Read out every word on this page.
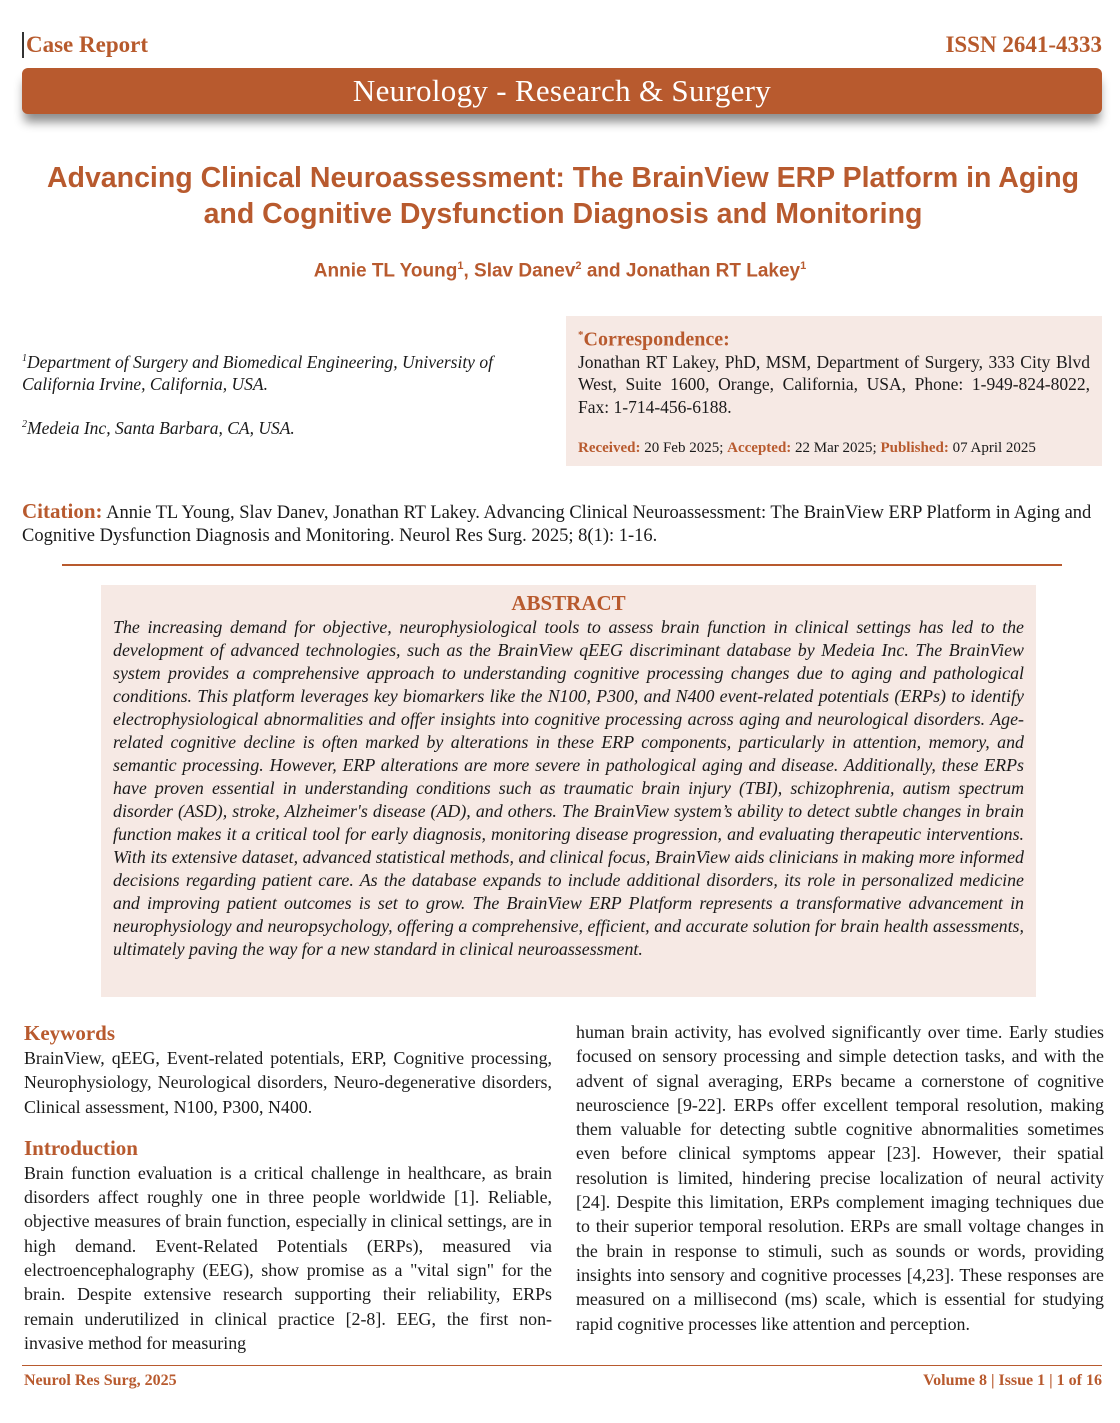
Case Report	ISSN 2641-4333
Neurology - Research & Surgery
Advancing Clinical Neuroassessment: The BrainView ERP Platform in Aging and Cognitive Dysfunction Diagnosis and Monitoring
Annie TL Young$^1$, Slav Danev$^2$ and Jonathan RT Lakey$^1$
$^1$Department of Surgery and Biomedical Engineering, University of California Irvine, California, USA.
$^2$Medeia Inc, Santa Barbara, CA, USA.
*Correspondence:
Jonathan RT Lakey, PhD, MSM, Department of Surgery, 333 City Blvd West, Suite 1600, Orange, California, USA, Phone: 1-949-824-8022, Fax: 1-714-456-6188.
Received: 20 Feb 2025; Accepted: 22 Mar 2025; Published: 07 April 2025
Citation: Annie TL Young, Slav Danev, Jonathan RT Lakey. Advancing Clinical Neuroassessment: The BrainView ERP Platform in Aging and Cognitive Dysfunction Diagnosis and Monitoring. Neurol Res Surg. 2025; 8(1): 1-16.
ABSTRACT

The increasing demand for objective, neurophysiological tools to assess brain function in clinical settings has led to the development of advanced technologies, such as the BrainView qEEG discriminant database by Medeia Inc. The BrainView system provides a comprehensive approach to understanding cognitive processing changes due to aging and pathological conditions. This platform leverages key biomarkers like the N100, P300, and N400 event-related potentials (ERPs) to identify electrophysiological abnormalities and offer insights into cognitive processing across aging and neurological disorders. Age-related cognitive decline is often marked by alterations in these ERP components, particularly in attention, memory, and semantic processing. However, ERP alterations are more severe in pathological aging and disease. Additionally, these ERPs have proven essential in understanding conditions such as traumatic brain injury (TBI), schizophrenia, autism spectrum disorder (ASD), stroke, Alzheimer's disease (AD), and others. The BrainView system’s ability to detect subtle changes in brain function makes it a critical tool for early diagnosis, monitoring disease progression, and evaluating therapeutic interventions. With its extensive dataset, advanced statistical methods, and clinical focus, BrainView aids clinicians in making more informed decisions regarding patient care. As the database expands to include additional disorders, its role in personalized medicine and improving patient outcomes is set to grow. The BrainView ERP Platform represents a transformative advancement in neurophysiology and neuropsychology, offering a comprehensive, efficient, and accurate solution for brain health assessments, ultimately paving the way for a new standard in clinical neuroassessment.

Keywords

BrainView, qEEG, Event-related potentials, ERP, Cognitive processing, Neurophysiology, Neurological disorders, Neuro-degenerative disorders, Clinical assessment, N100, P300, N400.

Introduction

Brain function evaluation is a critical challenge in healthcare, as brain disorders affect roughly one in three people worldwide [1]. Reliable, objective measures of brain function, especially in clinical settings, are in high demand. Event-Related Potentials (ERPs), measured via electroencephalography (EEG), show promise as a "vital sign" for the brain. Despite extensive research supporting their reliability, ERPs remain underutilized in clinical practice [2-8]. EEG, the first non-invasive method for measuring

human brain activity, has evolved significantly over time. Early studies focused on sensory processing and simple detection tasks, and with the advent of signal averaging, ERPs became a cornerstone of cognitive neuroscience [9-22]. ERPs offer excellent temporal resolution, making them valuable for detecting subtle cognitive abnormalities sometimes even before clinical symptoms appear [23]. However, their spatial resolution is limited, hindering precise localization of neural activity [24]. Despite this limitation, ERPs complement imaging techniques due to their superior temporal resolution. ERPs are small voltage changes in the brain in response to stimuli, such as sounds or words, providing insights into sensory and cognitive processes [4,23]. These responses are measured on a millisecond (ms) scale, which is essential for studying rapid cognitive processes like attention and perception.

Neurol Res Surg, 2025	Volume 8 | Issue 1 | 1 of 16
